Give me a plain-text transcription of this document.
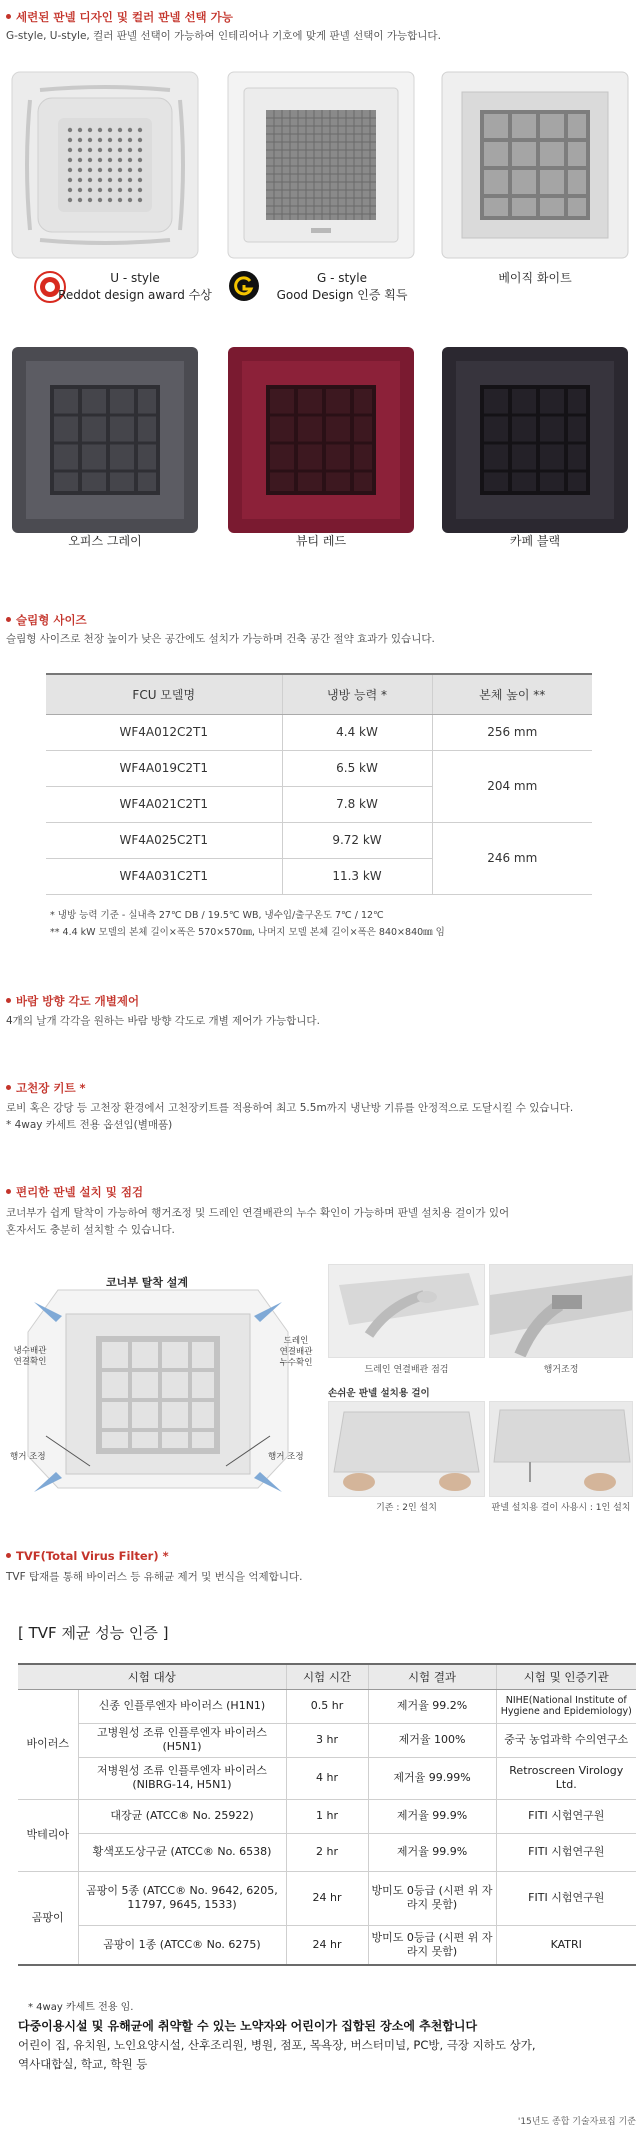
세련된 판넬 디자인 및 컬러 판넬 선택 가능
G-style, U-style, 컬러 판넬 선택이 가능하여 인테리어나 기호에 맞게 판넬 선택이 가능합니다.
U - style
Reddot design award 수상
G - style
Good Design 인증 획득
베이직 화이트
오피스 그레이	뷰티 레드	카페 블랙
슬림형 사이즈
슬림형 사이즈로 천장 높이가 낮은 공간에도 설치가 가능하며 건축 공간 절약 효과가 있습니다.
FCU 모델명	냉방 능력 *	본체 높이 **
WF4A012C2T1	4.4 kW	256 mm
WF4A019C2T1	6.5 kW	204 mm
WF4A021C2T1	7.8 kW	
WF4A025C2T1	9.72 kW	246 mm
WF4A031C2T1	11.3 kW	
* 냉방 능력 기준 - 실내측 27℃ DB / 19.5℃ WB, 냉수입/출구온도 7℃ / 12℃
** 4.4 kW 모델의 본체 길이×폭은 570×570㎜, 나머지 모델 본체 길이×폭은 840×840㎜ 임
바람 방향 각도 개별제어
4개의 날개 각각을 원하는 바람 방향 각도로 개별 제어가 가능합니다.
고천장 키트 *
로비 혹은 강당 등 고천장 환경에서 고천장키트를 적용하여 최고 5.5m까지 냉난방 기류를 안정적으로 도달시킬 수 있습니다.
* 4way 카세트 전용 옵션임(별매품)
편리한 판넬 설치 및 점검
코너부가 쉽게 탈착이 가능하여 행거조정 및 드레인 연결배관의 누수 확인이 가능하며 판넬 설치용 걸이가 있어
혼자서도 충분히 설치할 수 있습니다.
코너부 탈착 설계
냉수배관
연결확인
드레인
연결배관
누수확인
행거 조정	행거 조정
드레인 연결배관 점검	행거조정
손쉬운 판넬 설치용 걸이
기존 : 2인 설치	판넬 설치용 걸이 사용시 : 1인 설치
TVF(Total Virus Filter) *
TVF 탑재를 통해 바이러스 등 유해균 제거 및 번식을 억제합니다.
[ TVF 제균 성능 인증 ]
시험 대상		시험 시간	시험 결과	시험 및 인증기관
바이러스	신종 인플루엔자 바이러스 (H1N1)	0.5 hr	제거율 99.2%	NIHE(National Institute of Hygiene and Epidemiology)
	고병원성 조류 인플루엔자 바이러스 (H5N1)	3 hr	제거율 100%	중국 농업과학 수의연구소
	저병원성 조류 인플루엔자 바이러스 (NIBRG-14, H5N1)	4 hr	제거율 99.99%	Retroscreen Virology Ltd.
박테리아	대장균 (ATCC® No. 25922)	1 hr	제거율 99.9%	FITI 시험연구원
	황색포도상구균 (ATCC® No. 6538)	2 hr	제거율 99.9%	FITI 시험연구원
곰팡이	곰팡이 5종 (ATCC® No. 9642, 6205, 11797, 9645, 1533)	24 hr	방미도 0등급 (시편 위 자라지 못함)	FITI 시험연구원
	곰팡이 1종 (ATCC® No. 6275)	24 hr	방미도 0등급 (시편 위 자라지 못함)	KATRI
* 4way 카세트 전용 임.
다중이용시설 및 유해균에 취약할 수 있는 노약자와 어린이가 집합된 장소에 추천합니다
어린이 집, 유치원, 노인요양시설, 산후조리원, 병원, 점포, 목욕장, 버스터미널, PC방, 극장 지하도 상가,
역사대합실, 학교, 학원 등
'15년도 종합 기술자료집 기준
